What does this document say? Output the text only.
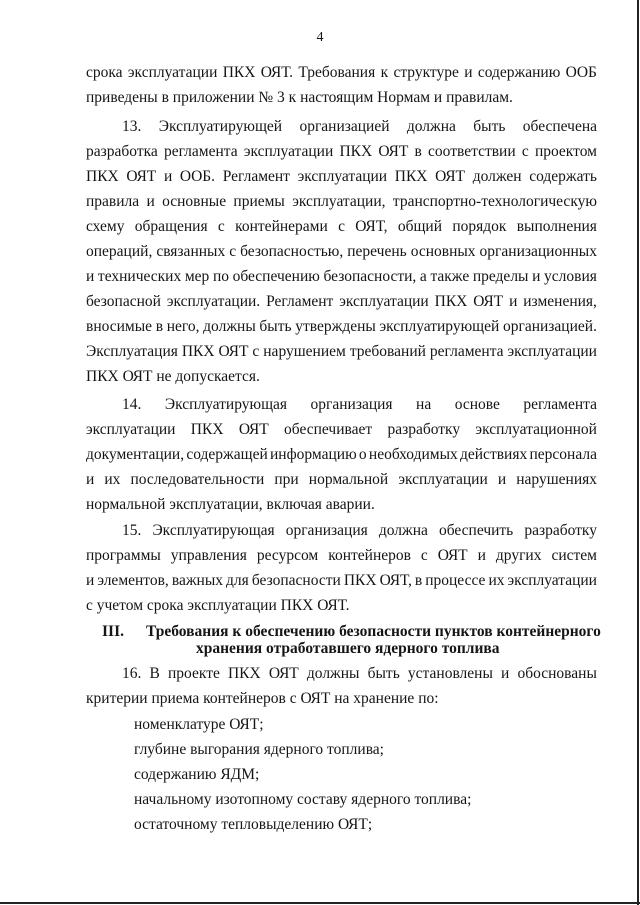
4
срока эксплуатации ПКХ ОЯТ. Требования к структуре и содержанию ООБ
приведены в приложении № 3 к настоящим Нормам и правилам.
13. Эксплуатирующей организацией должна быть обеспечена
разработка регламента эксплуатации ПКХ ОЯТ в соответствии с проектом
ПКХ ОЯТ и ООБ. Регламент эксплуатации ПКХ ОЯТ должен содержать
правила и основные приемы эксплуатации, транспортно-технологическую
схему обращения с контейнерами с ОЯТ, общий порядок выполнения
операций, связанных с безопасностью, перечень основных организационных
и технических мер по обеспечению безопасности, а также пределы и условия
безопасной эксплуатации. Регламент эксплуатации ПКХ ОЯТ и изменения,
вносимые в него, должны быть утверждены эксплуатирующей организацией.
Эксплуатация ПКХ ОЯТ с нарушением требований регламента эксплуатации
ПКХ ОЯТ не допускается.
14. Эксплуатирующая организация на основе регламента
эксплуатации ПКХ ОЯТ обеспечивает разработку эксплуатационной
документации, содержащей информацию о необходимых действиях персонала
и их последовательности при нормальной эксплуатации и нарушениях
нормальной эксплуатации, включая аварии.
15. Эксплуатирующая организация должна обеспечить разработку
программы управления ресурсом контейнеров с ОЯТ и других систем
и элементов, важных для безопасности ПКХ ОЯТ, в процессе их эксплуатации
с учетом срока эксплуатации ПКХ ОЯТ.
III. Требования к обеспечению безопасности пунктов контейнерного
хранения отработавшего ядерного топлива
16. В проекте ПКХ ОЯТ должны быть установлены и обоснованы
критерии приема контейнеров с ОЯТ на хранение по:
номенклатуре ОЯТ;
глубине выгорания ядерного топлива;
содержанию ЯДМ;
начальному изотопному составу ядерного топлива;
остаточному тепловыделению ОЯТ;
